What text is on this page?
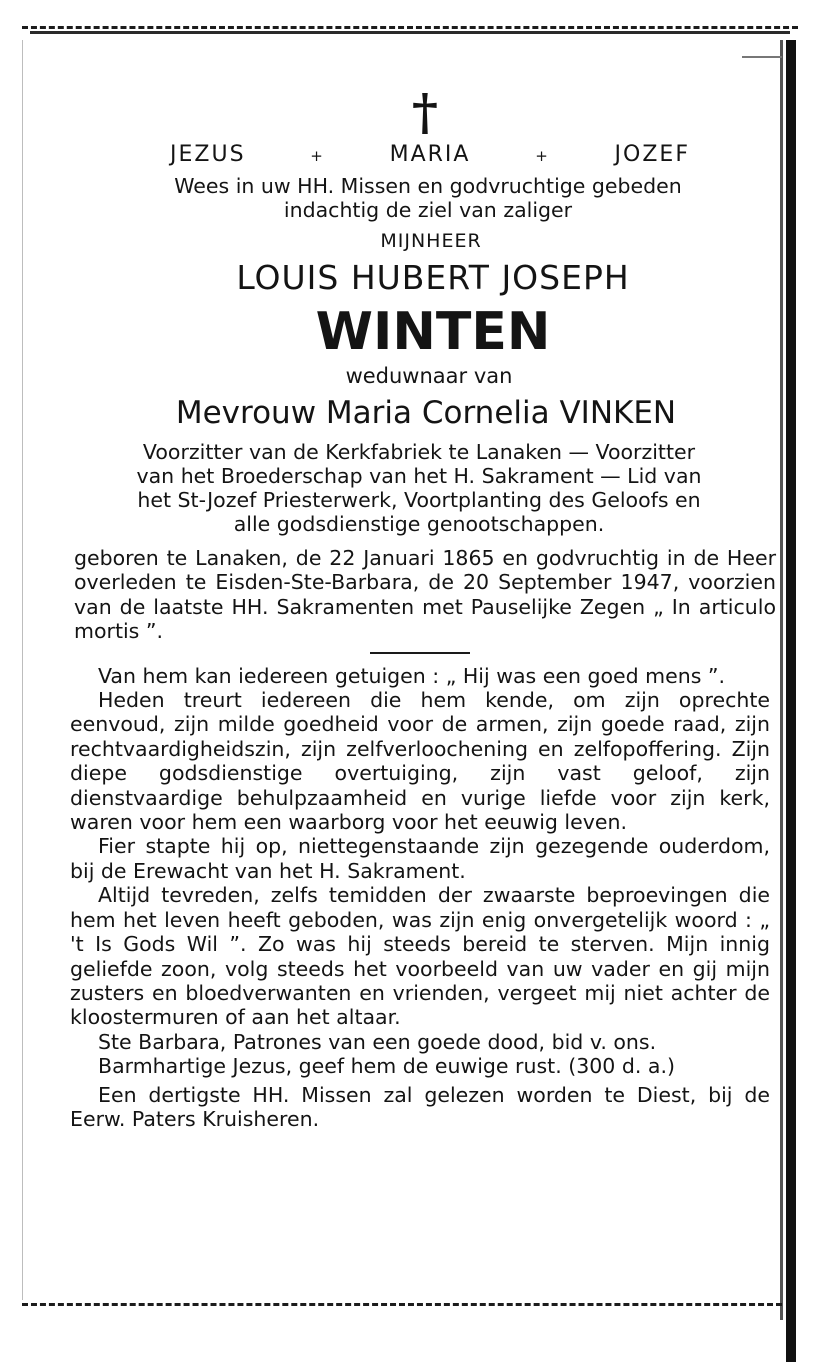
†
JEZUS	+	MARIA	+	JOZEF
Wees in uw HH. Missen en godvruchtige gebeden
indachtig de ziel van zaliger
MIJNHEER
LOUIS HUBERT JOSEPH
WINTEN
weduwnaar van
Mevrouw Maria Cornelia VINKEN
Voorzitter van de Kerkfabriek te Lanaken — Voorzitter
van het Broederschap van het H. Sakrament — Lid van
het St-Jozef Priesterwerk, Voortplanting des Geloofs en
alle godsdienstige genootschappen.

geboren te Lanaken, de 22 Januari 1865 en godvruchtig in de Heer overleden te Eisden-Ste-Barbara, de 20 September 1947, voorzien van de laatste HH. Sakramenten met Pauselijke Zegen „ In articulo mortis ”.

Van hem kan iedereen getuigen : „ Hij was een goed mens ”.

Heden treurt iedereen die hem kende, om zijn oprechte eenvoud, zijn milde goedheid voor de armen, zijn goede raad, zijn rechtvaardigheidszin, zijn zelfverloochening en zelfopoffering. Zijn diepe godsdienstige overtuiging, zijn vast geloof, zijn dienstvaardige behulpzaamheid en vurige liefde voor zijn kerk, waren voor hem een waarborg voor het eeuwig leven.

Fier stapte hij op, niettegenstaande zijn gezegende ouderdom, bij de Erewacht van het H. Sakrament.

Altijd tevreden, zelfs temidden der zwaarste beproevingen die hem het leven heeft geboden, was zijn enig onvergetelijk woord : „ 't Is Gods Wil ”. Zo was hij steeds bereid te sterven. Mijn innig geliefde zoon, volg steeds het voorbeeld van uw vader en gij mijn zusters en bloedverwanten en vrienden, vergeet mij niet achter de kloostermuren of aan het altaar.

Ste Barbara, Patrones van een goede dood, bid v. ons.

Barmhartige Jezus, geef hem de euwige rust. (300 d. a.)

Een dertigste HH. Missen zal gelezen worden te Diest, bij de Eerw. Paters Kruisheren.
